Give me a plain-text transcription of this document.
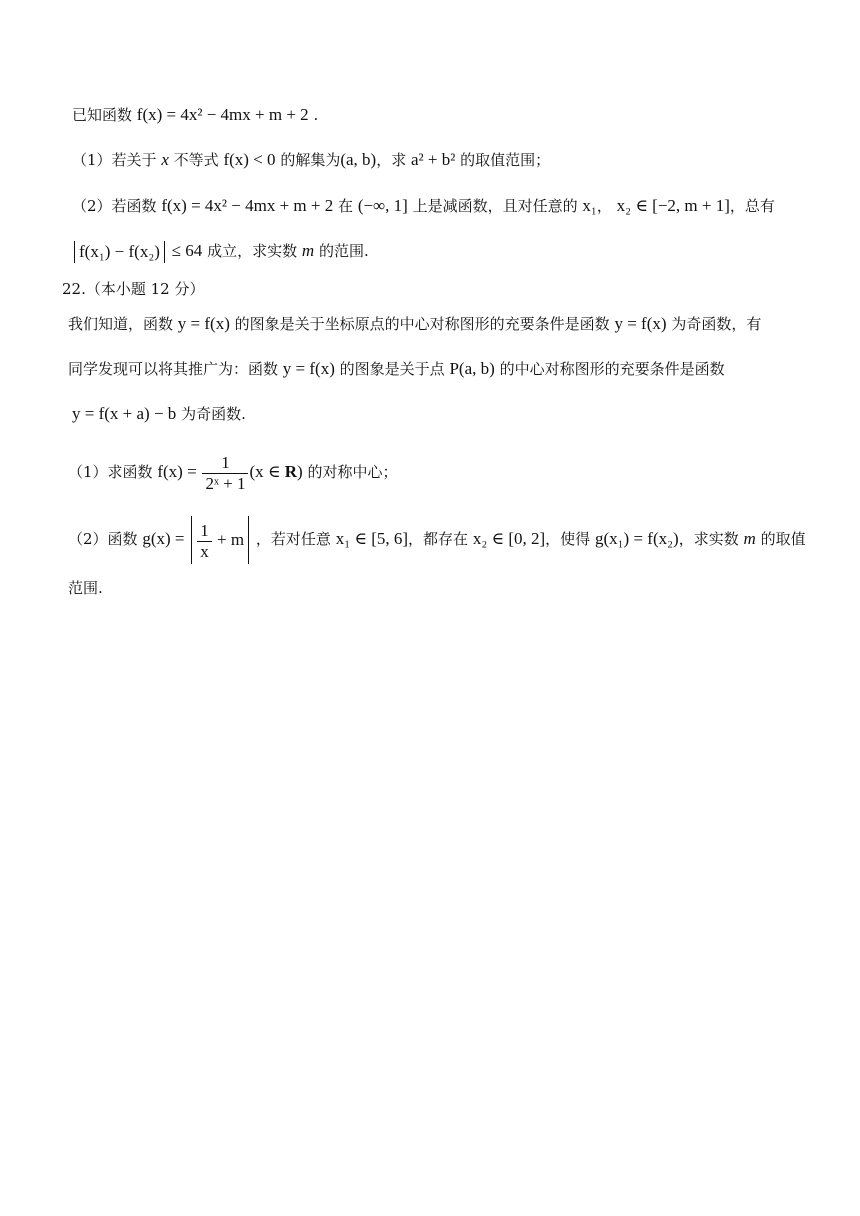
已知函数 f(x) = 4x² − 4mx + m + 2 .
（1）若关于 x 不等式 f(x) < 0 的解集为(a, b)，求 a² + b² 的取值范围；
（2）若函数 f(x) = 4x² − 4mx + m + 2 在 (−∞, 1] 上是减函数，且对任意的 x₁， x₂ ∈ [−2, m + 1]，总有
f(x₁) − f(x₂) ≤ 64 成立，求实数 m 的范围.
22.（本小题 12 分）
我们知道，函数 y = f(x) 的图象是关于坐标原点的中心对称图形的充要条件是函数 y = f(x) 为奇函数，有
同学发现可以将其推广为：函数 y = f(x) 的图象是关于点 P(a, b) 的中心对称图形的充要条件是函数
y = f(x + a) − b 为奇函数.
（1）求函数 $f(x) = \frac{1}{\text{2ˣ + 1}} (x$ ∈ R) 的对称中心；
（2）函数 $g(x) = \frac{1}{x} + m$ ，若对任意 x₁ ∈ [5, 6]，都存在 x₂ ∈ [0, 2]，使得 g(x₁) = f(x₂)，求实数 m 的取值
范围.
